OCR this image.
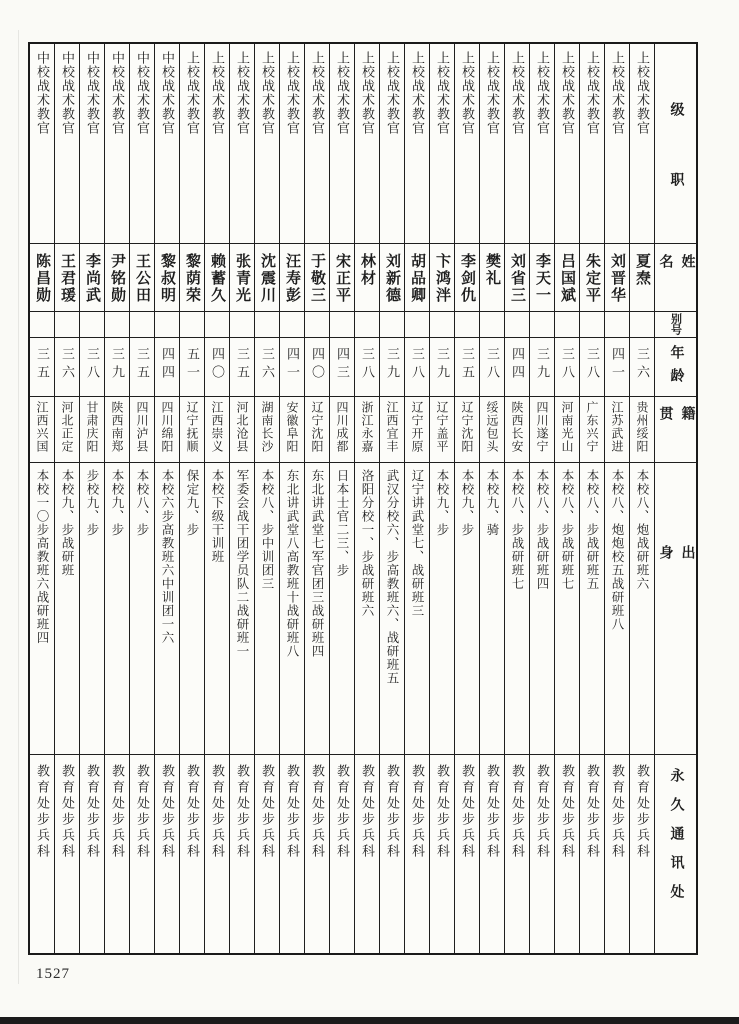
级职
姓名
别号
年龄
籍贯
出身
永久通讯处
上校战术教官
夏焘
三六
贵州绥阳
本校八、炮战研班六
教育处步兵科
上校战术教官
刘晋华
四一
江苏武进
本校八、炮炮校五战研班八
教育处步兵科
上校战术教官
朱定平
三八
广东兴宁
本校八、步战研班五
教育处步兵科
上校战术教官
吕国斌
三八
河南光山
本校八、步战研班七
教育处步兵科
上校战术教官
李天一
三九
四川遂宁
本校八、步战研班四
教育处步兵科
上校战术教官
刘省三
四四
陕西长安
本校八、步战研班七
教育处步兵科
上校战术教官
樊礼
三八
绥远包头
本校九、骑
教育处步兵科
上校战术教官
李剑仇
三五
辽宁沈阳
本校九、步
教育处步兵科
上校战术教官
卞鸿泮
三九
辽宁盖平
本校九、步
教育处步兵科
上校战术教官
胡品卿
三八
辽宁开原
辽宁讲武堂七、战研班三
教育处步兵科
上校战术教官
刘新德
三九
江西宜丰
武汉分校六、步高教班六、战研班五
教育处步兵科
上校战术教官
林材
三八
浙江永嘉
洛阳分校一、步战研班六
教育处步兵科
上校战术教官
宋正平
四三
四川成都
日本士官二三、步
教育处步兵科
上校战术教官
于敬三
四〇
辽宁沈阳
东北讲武堂七军官团三战研班四
教育处步兵科
上校战术教官
汪寿彭
四一
安徽阜阳
东北讲武堂八高教班十战研班八
教育处步兵科
上校战术教官
沈震川
三六
湖南长沙
本校八、步中训团三
教育处步兵科
上校战术教官
张青光
三五
河北沧县
军委会战干团学员队二战研班一
教育处步兵科
上校战术教官
赖蓄久
四〇
江西崇义
本校下级干训班
教育处步兵科
上校战术教官
黎荫荣
五一
辽宁抚顺
保定九、步
教育处步兵科
中校战术教官
黎叔明
四四
四川绵阳
本校六步高教班六中训团一六
教育处步兵科
中校战术教官
王公田
三五
四川泸县
本校八、步
教育处步兵科
中校战术教官
尹铭勋
三九
陕西南郑
本校九、步
教育处步兵科
中校战术教官
李尚武
三八
甘肃庆阳
步校九、步
教育处步兵科
中校战术教官
王君瑗
三六
河北正定
本校九、步战研班
教育处步兵科
中校战术教官
陈昌勋
三五
江西兴国
本校一〇步高教班六战研班四
教育处步兵科
1527
